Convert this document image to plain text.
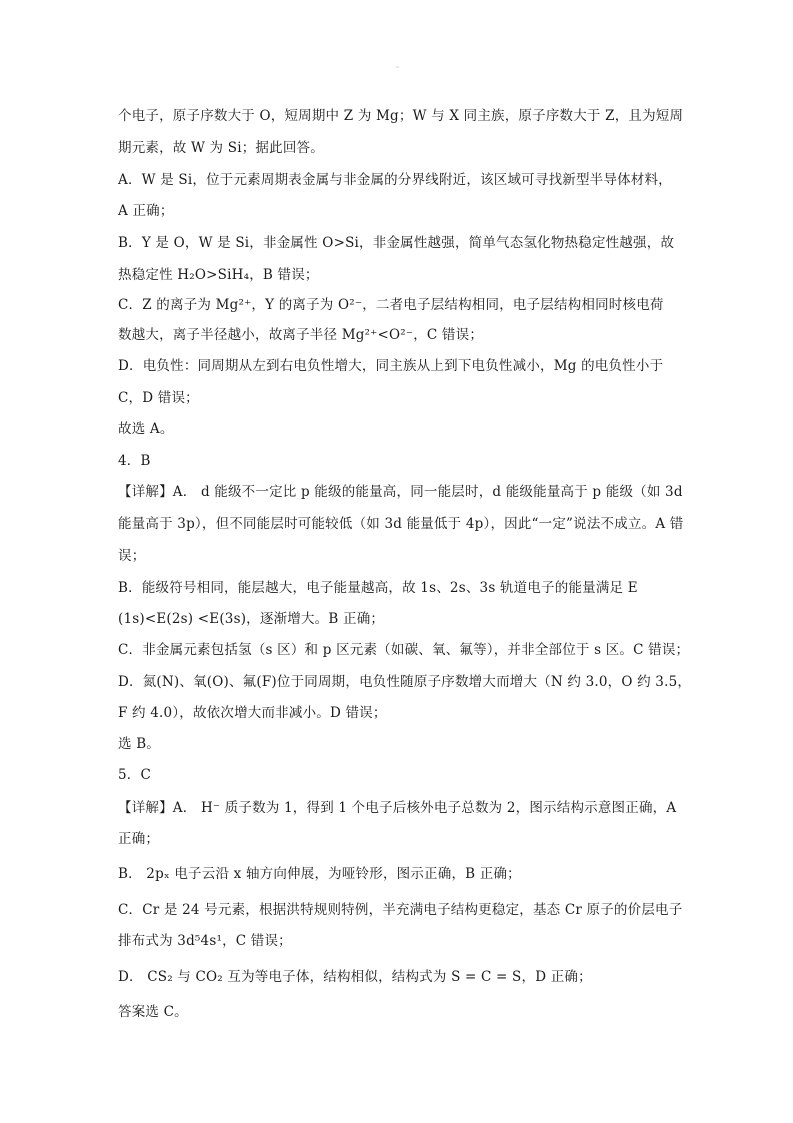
个电子，原子序数大于 O，短周期中 Z 为 Mg；W 与 X 同主族，原子序数大于 Z，且为短周
期元素，故 W 为 Si；据此回答。
A．W 是 Si，位于元素周期表金属与非金属的分界线附近，该区域可寻找新型半导体材料，
A 正确；
B．Y 是 O，W 是 Si，非金属性 O>Si，非金属性越强，简单气态氢化物热稳定性越强，故
热稳定性 H₂O>SiH₄，B 错误；
C．Z 的离子为 Mg²⁺，Y 的离子为 O²⁻，二者电子层结构相同，电子层结构相同时核电荷
数越大，离子半径越小，故离子半径 Mg²⁺<O²⁻，C 错误；
D．电负性：同周期从左到右电负性增大，同主族从上到下电负性减小，Mg 的电负性小于
C，D 错误；
故选 A。
4．B
【详解】A． d 能级不一定比 p 能级的能量高，同一能层时，d 能级能量高于 p 能级（如 3d
能量高于 3p），但不同能层时可能较低（如 3d 能量低于 4p），因此“一定”说法不成立。A 错
误；
B．能级符号相同，能层越大，电子能量越高，故 1s、2s、3s 轨道电子的能量满足 E
(1s)<E(2s) <E(3s)，逐渐增大。B 正确；
C．非金属元素包括氢（s 区）和 p 区元素（如碳、氧、氟等），并非全部位于 s 区。C 错误；
D．氮(N)、氧(O)、氟(F)位于同周期，电负性随原子序数增大而增大（N 约 3.0，O 约 3.5，
F 约 4.0），故依次增大而非减小。D 错误；
选 B。
5．C
【详解】A． H⁻ 质子数为 1，得到 1 个电子后核外电子总数为 2，图示结构示意图正确，A
正确；
B． 2pₓ 电子云沿 x 轴方向伸展，为哑铃形，图示正确，B 正确；
C．Cr 是 24 号元素，根据洪特规则特例，半充满电子结构更稳定，基态 Cr 原子的价层电子
排布式为 3d⁵4s¹，C 错误；
D． CS₂ 与 CO₂ 互为等电子体，结构相似，结构式为 S = C = S，D 正确；
答案选 C。
